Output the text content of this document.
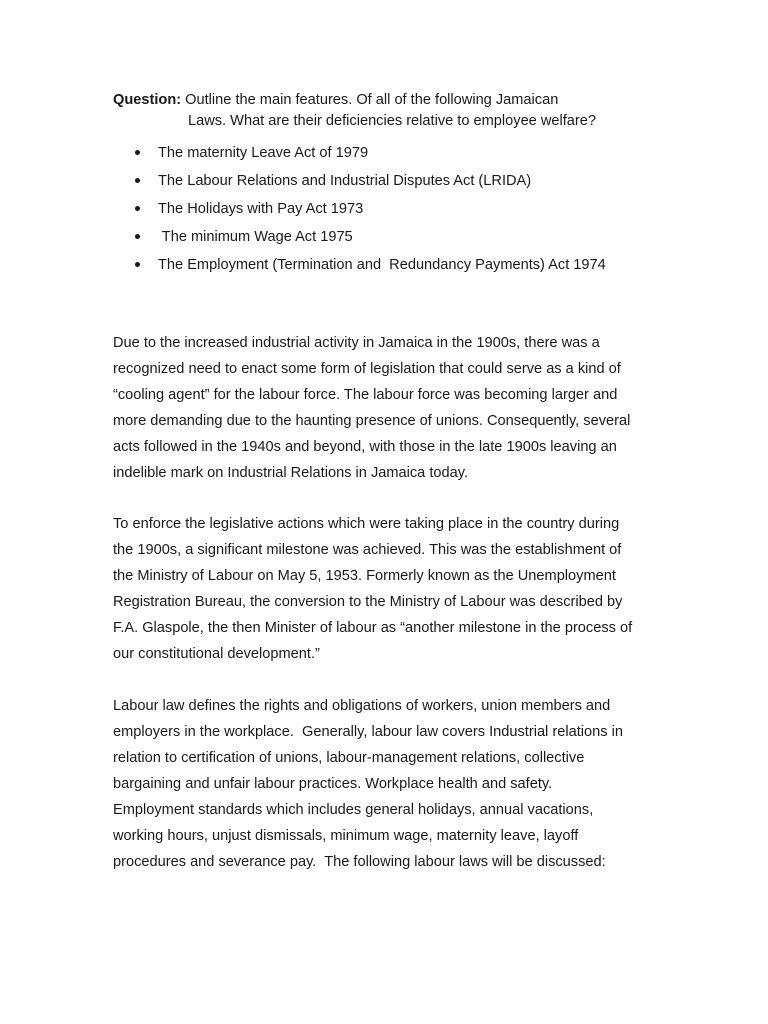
Question: Outline the main features. Of all of the following Jamaican
Laws. What are their deficiencies relative to employee welfare?
The maternity Leave Act of 1979
The Labour Relations and Industrial Disputes Act (LRIDA)
The Holidays with Pay Act 1973
The minimum Wage Act 1975
The Employment (Termination and  Redundancy Payments) Act 1974
Due to the increased industrial activity in Jamaica in the 1900s, there was a
recognized need to enact some form of legislation that could serve as a kind of
“cooling agent” for the labour force. The labour force was becoming larger and
more demanding due to the haunting presence of unions. Consequently, several
acts followed in the 1940s and beyond, with those in the late 1900s leaving an
indelible mark on Industrial Relations in Jamaica today.
To enforce the legislative actions which were taking place in the country during
the 1900s, a significant milestone was achieved. This was the establishment of
the Ministry of Labour on May 5, 1953. Formerly known as the Unemployment
Registration Bureau, the conversion to the Ministry of Labour was described by
F.A. Glaspole, the then Minister of labour as “another milestone in the process of
our constitutional development.”
Labour law defines the rights and obligations of workers, union members and
employers in the workplace.  Generally, labour law covers Industrial relations in
relation to certification of unions, labour-management relations, collective
bargaining and unfair labour practices. Workplace health and safety.
Employment standards which includes general holidays, annual vacations,
working hours, unjust dismissals, minimum wage, maternity leave, layoff
procedures and severance pay.  The following labour laws will be discussed:
